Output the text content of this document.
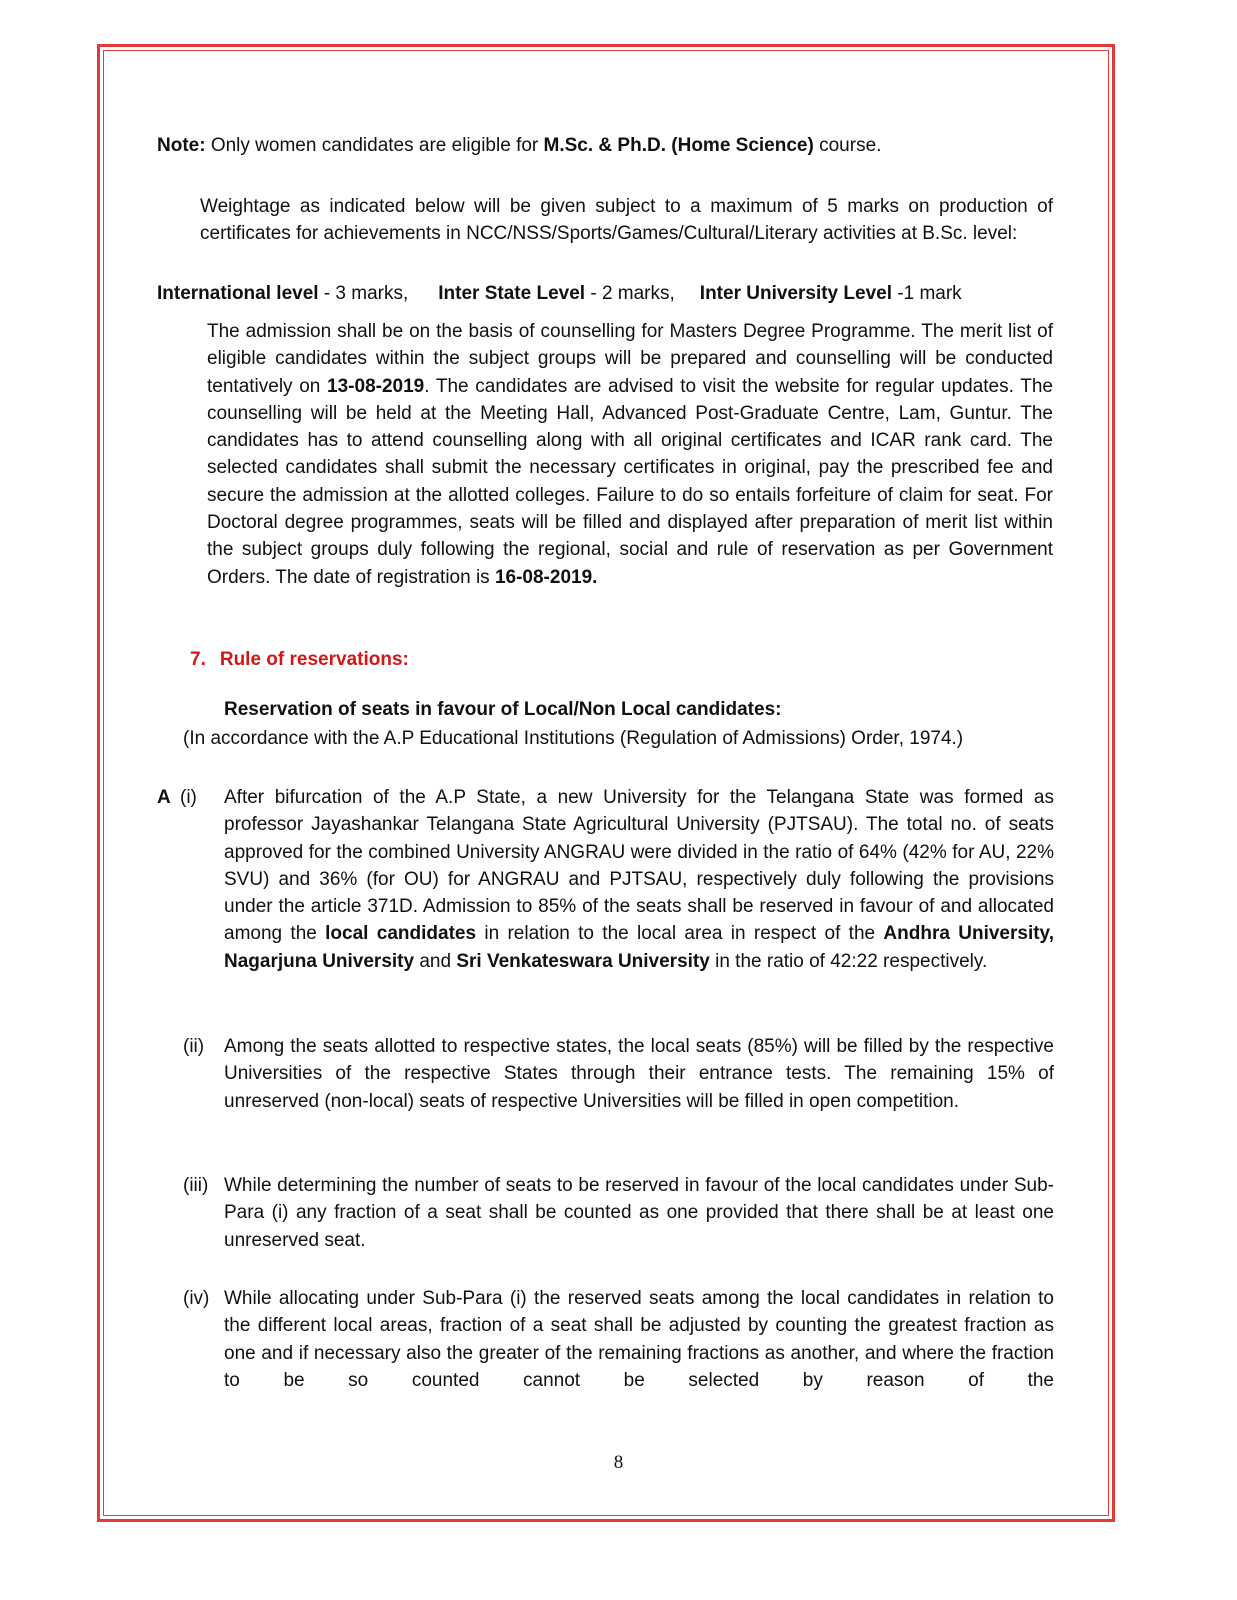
Note: Only women candidates are eligible for M.Sc. & Ph.D. (Home Science) course.
Weightage as indicated below will be given subject to a maximum of 5 marks on production of certificates for achievements in NCC/NSS/Sports/Games/Cultural/Literary activities at B.Sc. level:
International level - 3 marks, Inter State Level - 2 marks, Inter University Level -1 mark
The admission shall be on the basis of counselling for Masters Degree Programme. The merit list of eligible candidates within the subject groups will be prepared and counselling will be conducted tentatively on 13-08-2019. The candidates are advised to visit the website for regular updates. The counselling will be held at the Meeting Hall, Advanced Post-Graduate Centre, Lam, Guntur. The candidates has to attend counselling along with all original certificates and ICAR rank card. The selected candidates shall submit the necessary certificates in original, pay the prescribed fee and secure the admission at the allotted colleges. Failure to do so entails forfeiture of claim for seat. For Doctoral degree programmes, seats will be filled and displayed after preparation of merit list within the subject groups duly following the regional, social and rule of reservation as per Government Orders. The date of registration is 16-08-2019.
7. Rule of reservations:
Reservation of seats in favour of Local/Non Local candidates:
(In accordance with the A.P Educational Institutions (Regulation of Admissions) Order, 1974.)
A (i) After bifurcation of the A.P State, a new University for the Telangana State was formed as professor Jayashankar Telangana State Agricultural University (PJTSAU). The total no. of seats approved for the combined University ANGRAU were divided in the ratio of 64% (42% for AU, 22% SVU) and 36% (for OU) for ANGRAU and PJTSAU, respectively duly following the provisions under the article 371D. Admission to 85% of the seats shall be reserved in favour of and allocated among the local candidates in relation to the local area in respect of the Andhra University, Nagarjuna University and Sri Venkateswara University in the ratio of 42:22 respectively.
(ii) Among the seats allotted to respective states, the local seats (85%) will be filled by the respective Universities of the respective States through their entrance tests. The remaining 15% of unreserved (non-local) seats of respective Universities will be filled in open competition.
(iii) While determining the number of seats to be reserved in favour of the local candidates under Sub-Para (i) any fraction of a seat shall be counted as one provided that there shall be at least one unreserved seat.
(iv) While allocating under Sub-Para (i) the reserved seats among the local candidates in relation to the different local areas, fraction of a seat shall be adjusted by counting the greatest fraction as one and if necessary also the greater of the remaining fractions as another, and where the fraction to be so counted cannot be selected by reason of the
8
